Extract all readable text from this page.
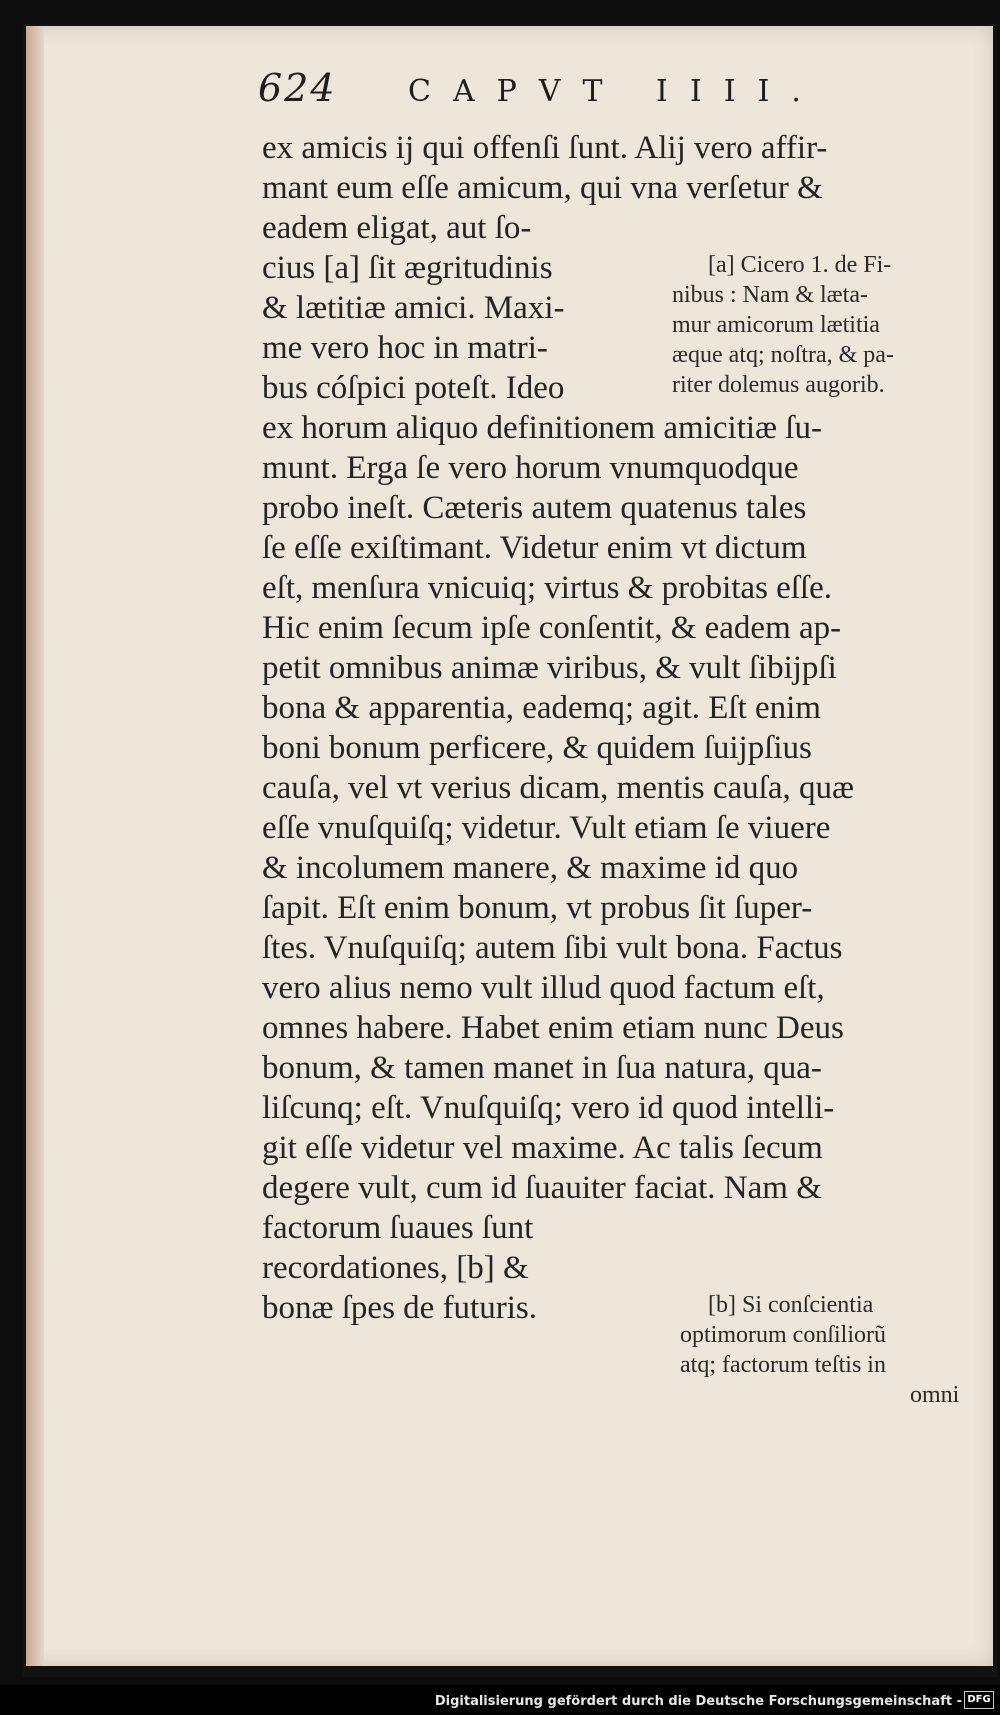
624 CAPVT IIII.
ex amicis ij qui offenſi ſunt. Alij vero affir-
mant eum eſſe amicum, qui vna verſetur &
eadem eligat, aut ſo-
cius [a] ſit ægritudinis
& lætitiæ amici. Maxi-
me vero hoc in matri-
bus cóſpici poteſt. Ideo
ex horum aliquo definitionem amicitiæ ſu-
munt. Erga ſe vero horum vnumquodque
probo ineſt. Cæteris autem quatenus tales
ſe eſſe exiſtimant. Videtur enim vt dictum
eſt, menſura vnicuiq; virtus & probitas eſſe.
Hic enim ſecum ipſe conſentit, & eadem ap-
petit omnibus animæ viribus, & vult ſibijpſi
bona & apparentia, eademq; agit. Eſt enim
boni bonum perficere, & quidem ſuijpſius
cauſa, vel vt verius dicam, mentis cauſa, quæ
eſſe vnuſquiſq; videtur. Vult etiam ſe viuere
& incolumem manere, & maxime id quo
ſapit. Eſt enim bonum, vt probus ſit ſuper-
ſtes. Vnuſquiſq; autem ſibi vult bona. Factus
vero alius nemo vult illud quod factum eſt,
omnes habere. Habet enim etiam nunc Deus
bonum, & tamen manet in ſua natura, qua-
liſcunq; eſt. Vnuſquiſq; vero id quod intelli-
git eſſe videtur vel maxime. Ac talis ſecum
degere vult, cum id ſuauiter faciat. Nam &
factorum ſuaues ſunt
recordationes, [b] &
bonæ ſpes de futuris.
[a] Cicero 1. de Fi-
nibus : Nam & læta-
mur amicorum lætitia
æque atq; noſtra, & pa-
riter dolemus augorib.
[b] Si conſcientia
optimorum conſiliorũ
atq; factorum teſtis in
omni
Digitalisierung gefördert durch die Deutsche Forschungsgemeinschaft - DFG
